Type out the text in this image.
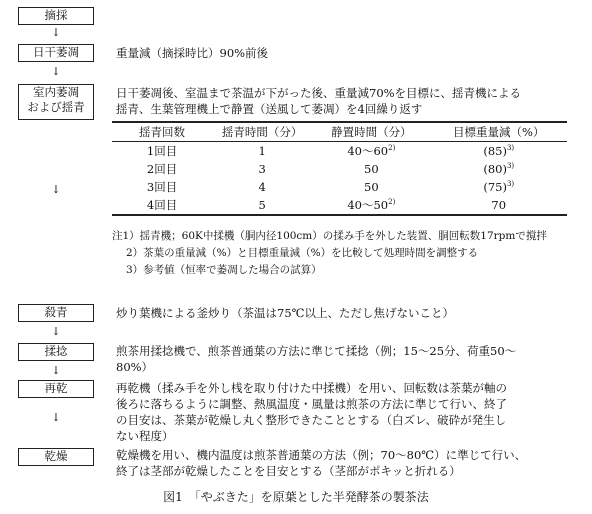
摘採
↓
日干萎凋	重量減（摘採時比）90%前後
↓
室内萎凋
および揺青
日干萎凋後、室温まで茶温が下がった後、重量減70%を目標に、揺青機による
揺青、生葉管理機上で静置（送風して萎凋）を4回繰り返す
揺青回数	揺青時間（分）	静置時間（分）	目標重量減（%）
1回目	1	40～60$^{2)}$	$(85)^{3)}$
2回目	3	50	$(80)^{3)}$
3回目	4	50	$(75)^{3)}$
4回目	5	40～50$^{2)}$	70
↓
注1）揺青機；60K中揉機（胴内径100cm）の揉み手を外した装置、胴回転数17rpmで撹拌
2）茶葉の重量減（%）と目標重量減（%）を比較して処理時間を調整する
3）参考値（恒率で萎凋した場合の試算）
殺青	炒り葉機による釜炒り（茶温は75℃以上、ただし焦げないこと）
↓
揉捻	煎茶用揉捻機で、煎茶普通葉の方法に準じて揉捻（例；15～25分、荷重50～
80%）
↓
再乾	再乾機（揉み手を外し桟を取り付けた中揉機）を用い、回転数は茶葉が軸の
後ろに落ちるように調整、熱風温度・風量は煎茶の方法に準じて行い、終了
の目安は、茶葉が乾燥し丸く整形できたこととする（白ズレ、破砕が発生し
ない程度）
↓
乾燥	乾燥機を用い、機内温度は煎茶普通葉の方法（例；70～80℃）に準じて行い、
終了は茎部が乾燥したことを目安とする（茎部がポキッと折れる）
図1　「やぶきた」を原葉とした半発酵茶の製茶法
